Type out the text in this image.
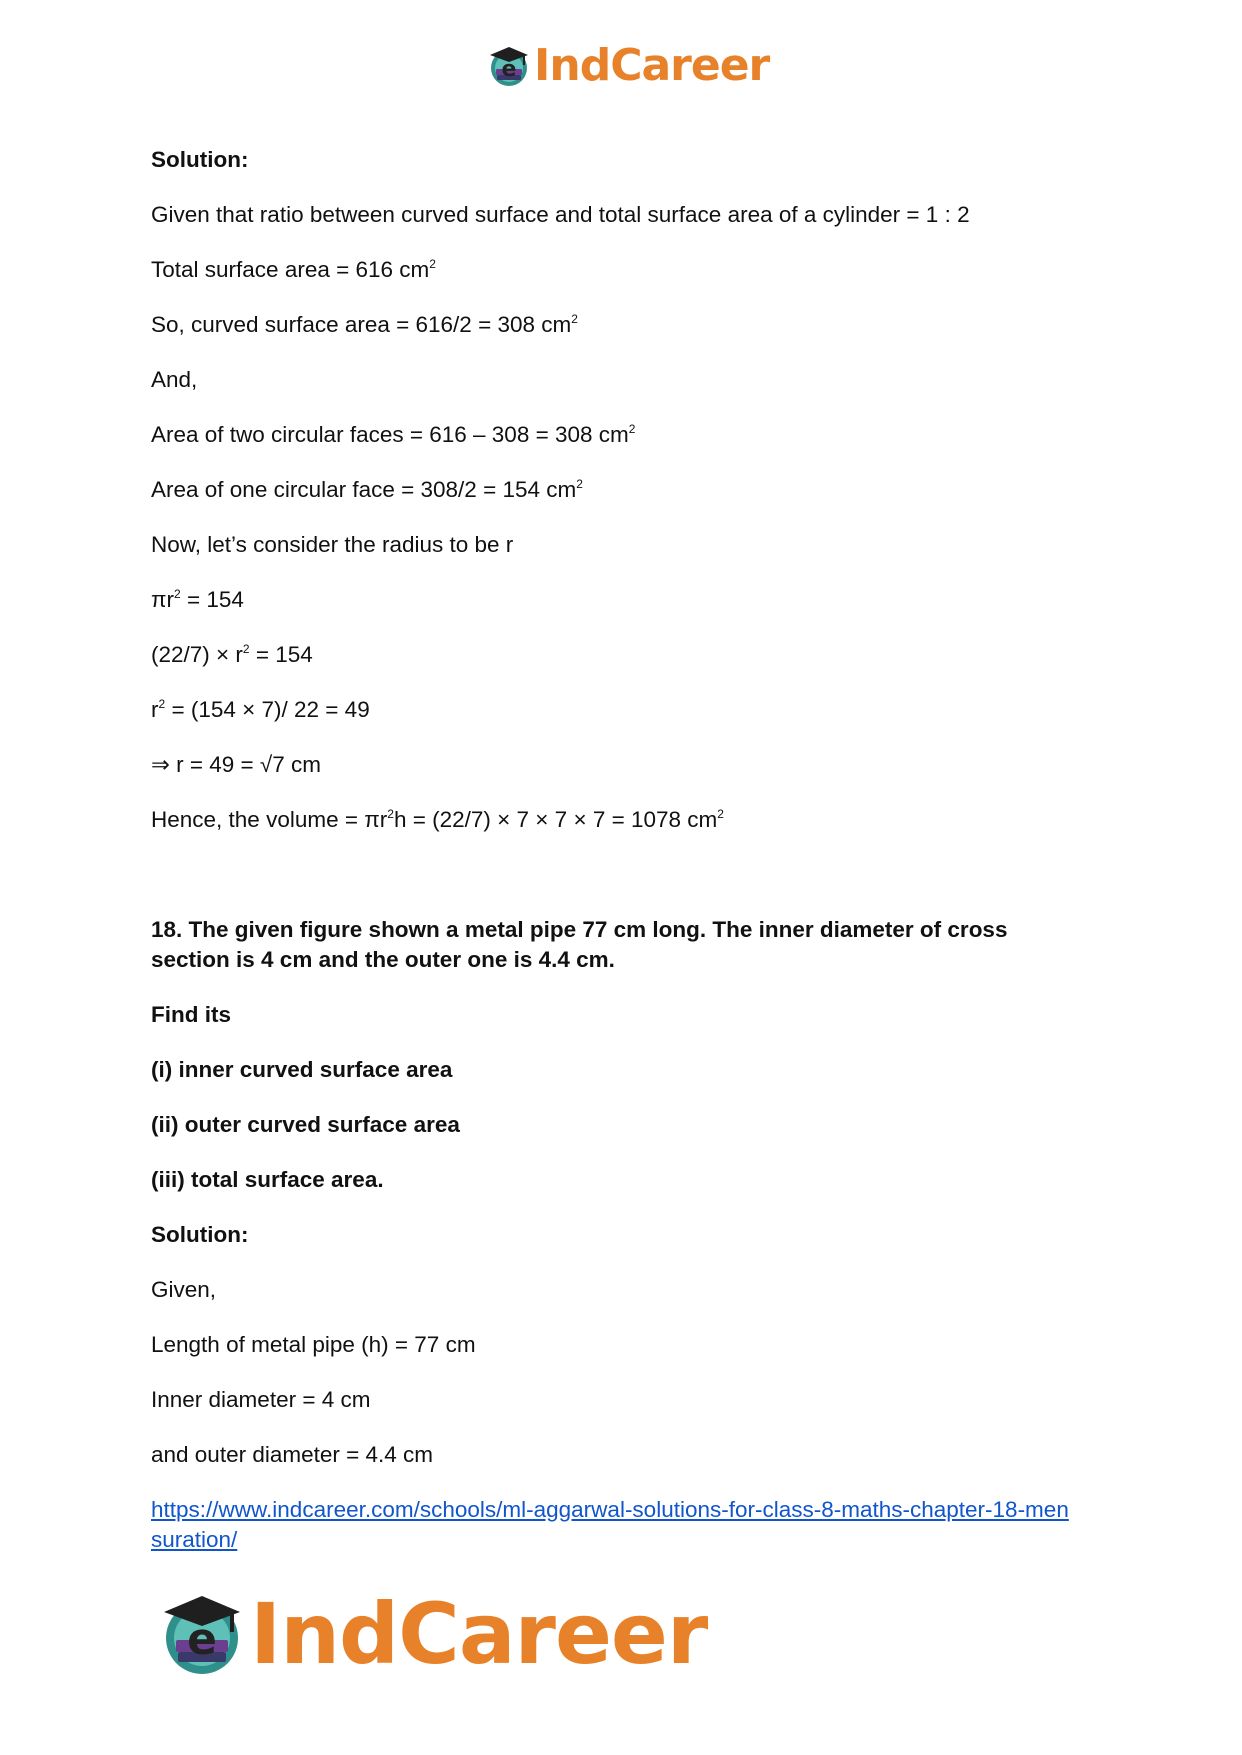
e IndCareer
Solution:
Given that ratio between curved surface and total surface area of a cylinder = 1 : 2
Total surface area = 616 $cm^2$
So, curved surface area = 616/2 = 308 $cm^2$
And,
Area of two circular faces = 616 – 308 = 308 $cm^2$
Area of one circular face = 308/2 = 154 $cm^2$
Now, let’s consider the radius to be r
$\pi r^2 = 154$
$(22/7) \times r^2 = 154$
$r^2 = (154 \times 7)/$ 22 = 49
⇒ r = 49 = √7 cm
Hence, the volume = $\pi r^2h = (22/7) \times 7 \times 7 \times 7 = 1078$ $cm^2$
18. The given figure shown a metal pipe 77 cm long. The inner diameter of cross
section is 4 cm and the outer one is 4.4 cm.
Find its
(i) inner curved surface area
(ii) outer curved surface area
(iii) total surface area.
Solution:
Given,
Length of metal pipe (h) = 77 cm
Inner diameter = 4 cm
and outer diameter = 4.4 cm
https://www.indcareer.com/schools/ml-aggarwal-solutions-for-class-8-maths-chapter-18-men
suration/
e IndCareer
